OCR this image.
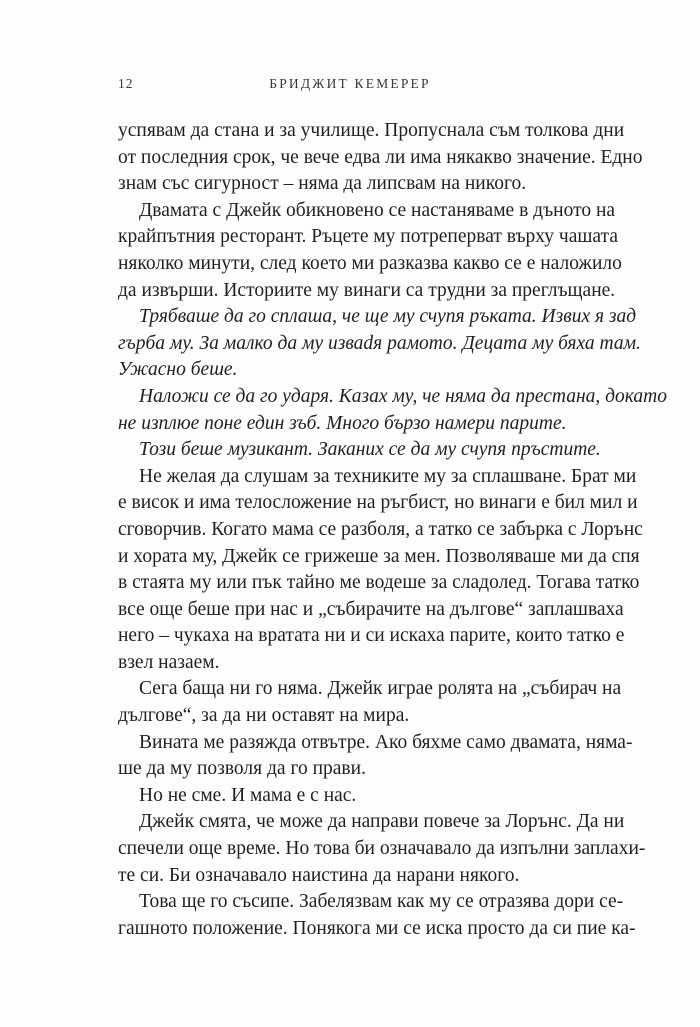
12	БРИДЖИТ КЕМЕРЕР
успявам да стана и за училище. Пропуснала съм толкова дни
от последния срок, че вече едва ли има някакво значение. Едно
знам със сигурност – няма да липсвам на никого.
Двамата с Джейк обикновено се настаняваме в дъното на
крайпътния ресторант. Ръцете му потреперват върху чашата
няколко минути, след което ми разказва какво се е наложило
да извърши. Историите му винаги са трудни за преглъщане.
Трябваше да го сплаша, че ще му счупя ръката. Извих я зад
гърба му. За малко да му изваdя рамото. Децата му бяха там.
Ужасно беше.
Наложи се да го ударя. Казах му, че няма да престана, докато
не изплюе поне един зъб. Много бързо намери парите.
Този беше музикант. Заканих се да му счупя пръстите.
Не желая да слушам за техниките му за сплашване. Брат ми
е висок и има телосложение на ръгбист, но винаги е бил мил и
сговорчив. Когато мама се разболя, а татко се забърка с Лорънс
и хората му, Джейк се грижеше за мен. Позволяваше ми да спя
в стаята му или пък тайно ме водеше за сладолед. Тогава татко
все още беше при нас и „събирачите на дългове“ заплашваха
него – чукаха на вратата ни и си искаха парите, които татко е
взел назаем.
Сега баща ни го няма. Джейк играе ролята на „събирач на
дългове“, за да ни оставят на мира.
Вината ме разяжда отвътре. Ако бяхме само двамата, няма-
ше да му позволя да го прави.
Но не сме. И мама е с нас.
Джейк смята, че може да направи повече за Лорънс. Да ни
спечели още време. Но това би означавало да изпълни заплахи-
те си. Би означавало наистина да нарани някого.
Това ще го съсипе. Забелязвам как му се отразява дори се-
гашното положение. Понякога ми се иска просто да си пие ка-
